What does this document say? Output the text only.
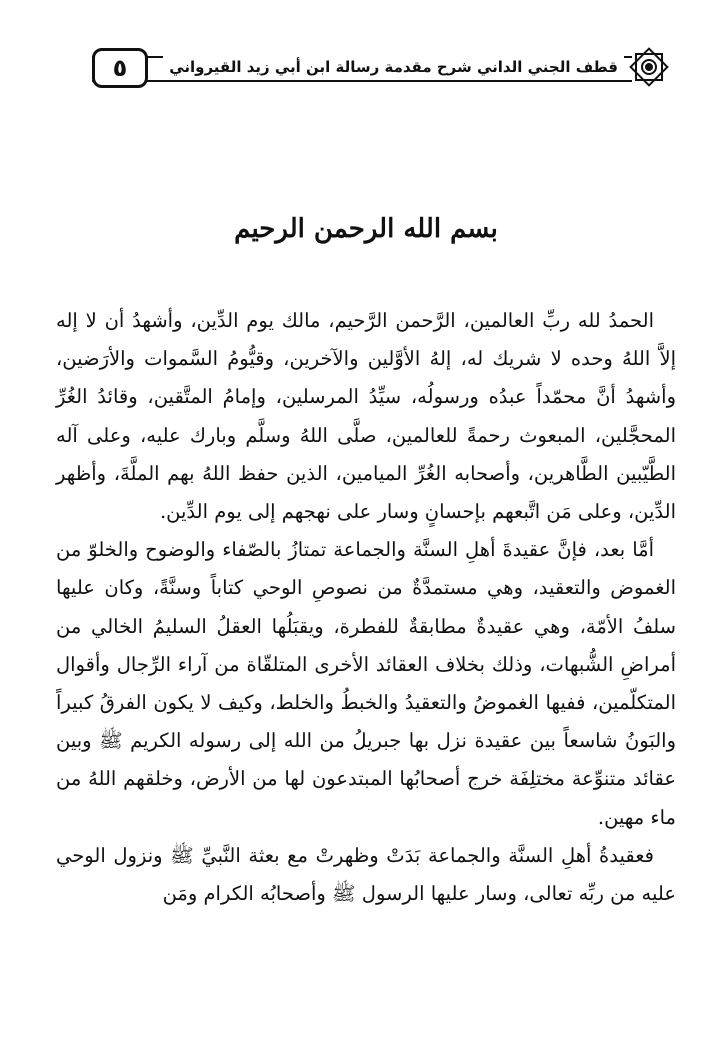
قطف الجني الداني شرح مقدمة رسالة ابن أبي زيد القيرواني
٥
بسم الله الرحمن الرحيم

الحمدُ لله ربِّ العالمين، الرَّحمن الرَّحيم، مالك يوم الدِّين، وأشهدُ أن لا إله إلاَّ اللهُ وحده لا شريك له، إلهُ الأوَّلين والآخرين، وقيُّومُ السَّموات والأرَضين، وأشهدُ أنَّ محمّداً عبدُه ورسولُه، سيِّدُ المرسلين، وإمامُ المتَّقين، وقائدُ الغُرِّ المحجَّلين، المبعوث رحمةً للعالمين، صلَّى اللهُ وسلَّم وبارك عليه، وعلى آله الطَّيّبين الطَّاهرين، وأصحابه الغُرِّ الميامين، الذين حفظ اللهُ بهم الملَّةَ، وأظهر الدِّين، وعلى مَن اتَّبعهم بإحسانٍ وسار على نهجهم إلى يوم الدِّين.

أمَّا بعد، فإنَّ عقيدةَ أهلِ السنَّة والجماعة تمتازُ بالصّفاء والوضوح والخلوّ من الغموض والتعقيد، وهي مستمدَّةٌ من نصوصِ الوحي كتاباً وسنَّةً، وكان عليها سلفُ الأمّة، وهي عقيدةٌ مطابقةٌ للفطرة، ويقبَلُها العقلُ السليمُ الخالي من أمراضِ الشُّبهات، وذلك بخلاف العقائد الأخرى المتلقّاة من آراء الرِّجال وأقوال المتكلّمين، ففيها الغموضُ والتعقيدُ والخبطُ والخلط، وكيف لا يكون الفرقُ كبيراً والبَونُ شاسعاً بين عقيدة نزل بها جبريلُ من الله إلى رسوله الكريم ﷺ وبين عقائد متنوِّعة مختلِفَة خرج أصحابُها المبتدعون لها من الأرض، وخلقهم اللهُ من ماء مهين.

فعقيدةُ أهلِ السنَّة والجماعة بَدَتْ وظهرتْ مع بعثة النَّبيِّ ﷺ ونزول الوحي عليه من ربِّه تعالى، وسار عليها الرسول ﷺ وأصحابُه الكرام ومَن
